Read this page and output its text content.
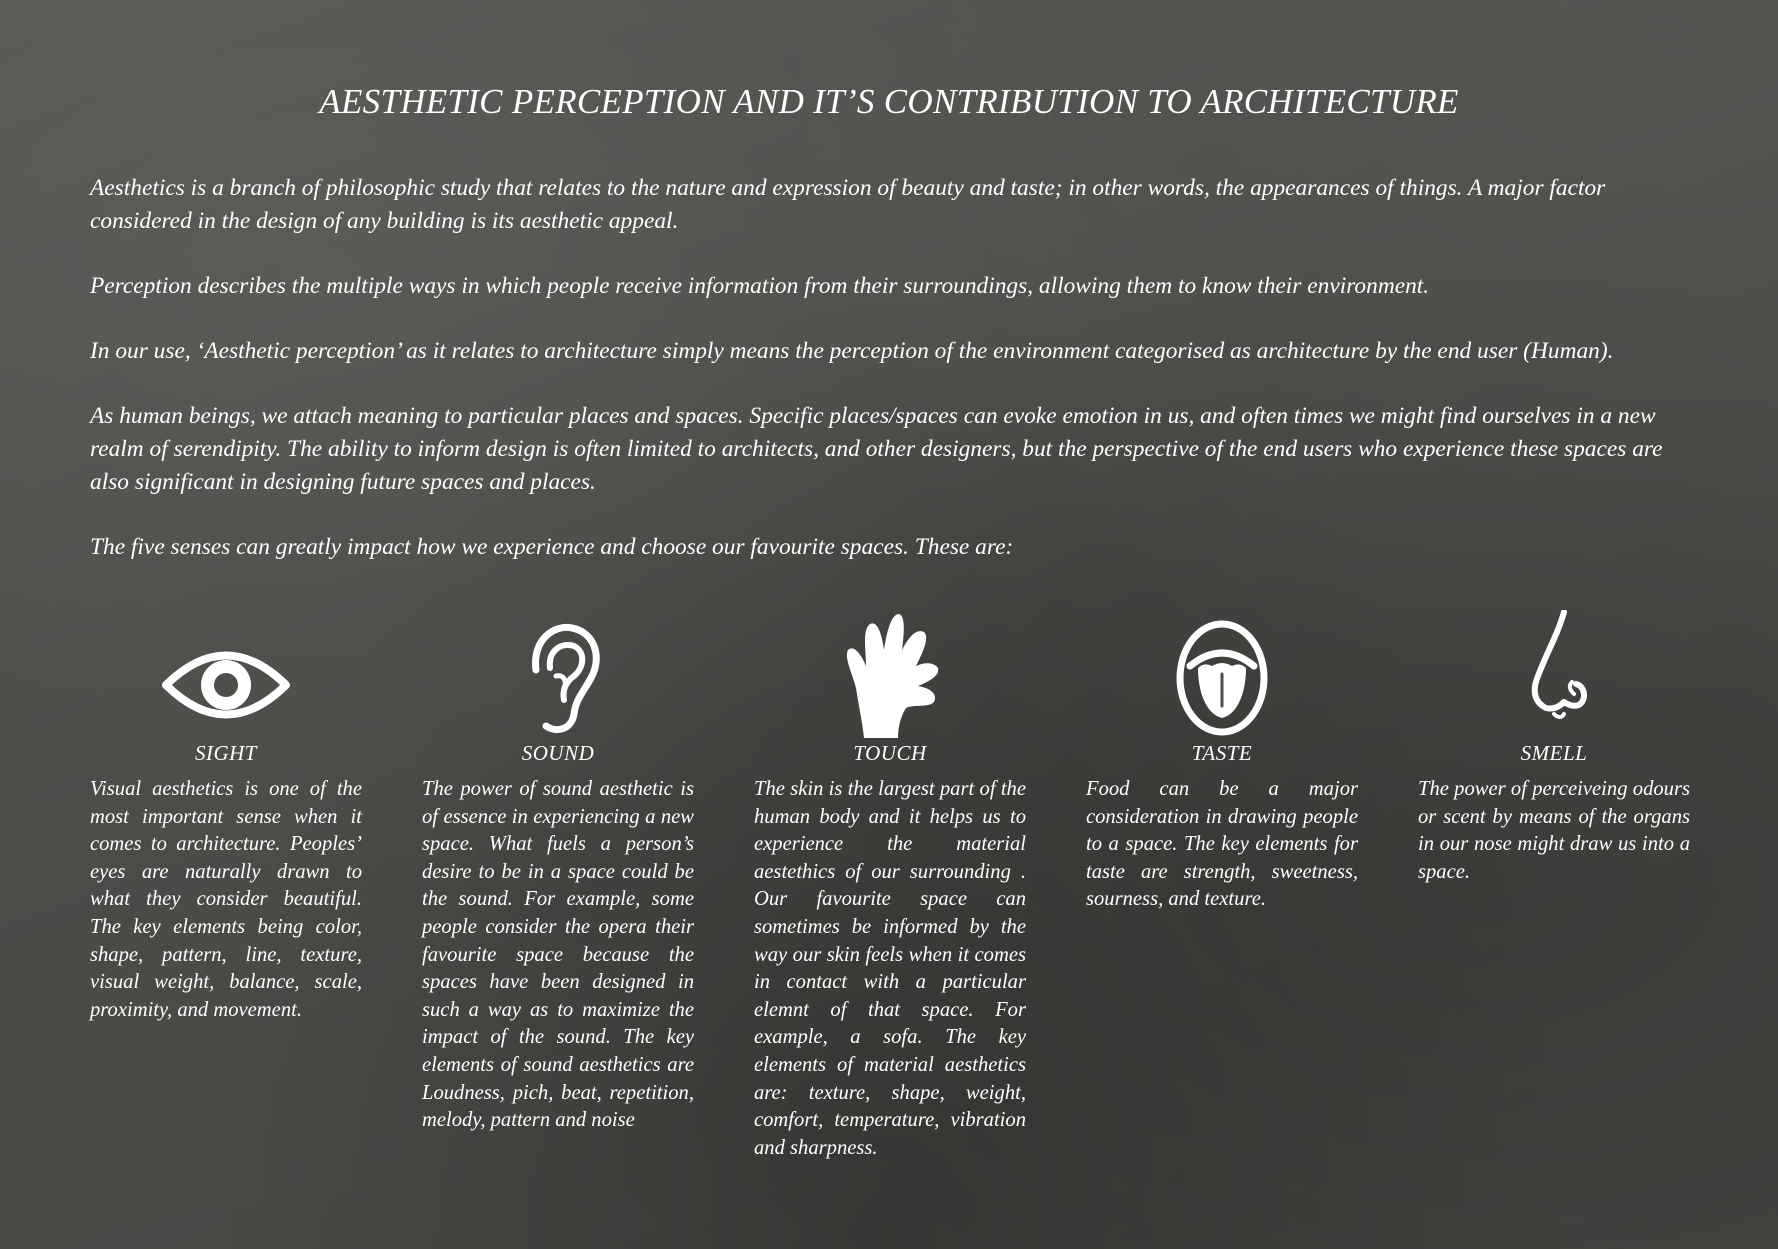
AESTHETIC PERCEPTION AND IT’S CONTRIBUTION TO ARCHITECTURE

Aesthetics is a branch of philosophic study that relates to the nature and expression of beauty and taste; in other words, the appearances of things. A major factor considered in the design of any building is its aesthetic appeal.

Perception describes the multiple ways in which people receive information from their surroundings, allowing them to know their environment.

In our use, ‘Aesthetic perception’ as it relates to architecture simply means the perception of the environment categorised as architecture by the end user (Human).

As human beings, we attach meaning to particular places and spaces. Specific places/spaces can evoke emotion in us, and often times we might find ourselves in a new realm of serendipity. The ability to inform design is often limited to architects, and other designers, but the perspective of the end users who experience these spaces are also significant in designing future spaces and places.

The five senses can greatly impact how we experience and choose our favourite spaces. These are:

SIGHT
Visual aesthetics is one of the most important sense when it comes to architecture. Peoples’ eyes are naturally drawn to what they consider beautiful. The key elements being color, shape, pattern, line, texture, visual weight, balance, scale, proximity, and movement.
SOUND
The power of sound aesthetic is of essence in experiencing a new space. What fuels a person’s desire to be in a space could be the sound. For example, some people consider the opera their favourite space because the spaces have been designed in such a way as to maximize the impact of the sound. The key elements of sound aesthetics are Loudness, pich, beat, repetition, melody, pattern and noise
TOUCH
The skin is the largest part of the human body and it helps us to experience the material aestethics of our surrounding . Our favourite space can sometimes be informed by the way our skin feels when it comes in contact with a particular elemnt of that space. For example, a sofa. The key elements of material aesthetics are: texture, shape, weight, comfort, temperature, vibration and sharpness.
TASTE
Food can be a major consideration in drawing people to a space. The key elements for taste are strength, sweetness, sourness, and texture.
SMELL
The power of perceiveing odours or scent by means of the organs in our nose might draw us into a space.
